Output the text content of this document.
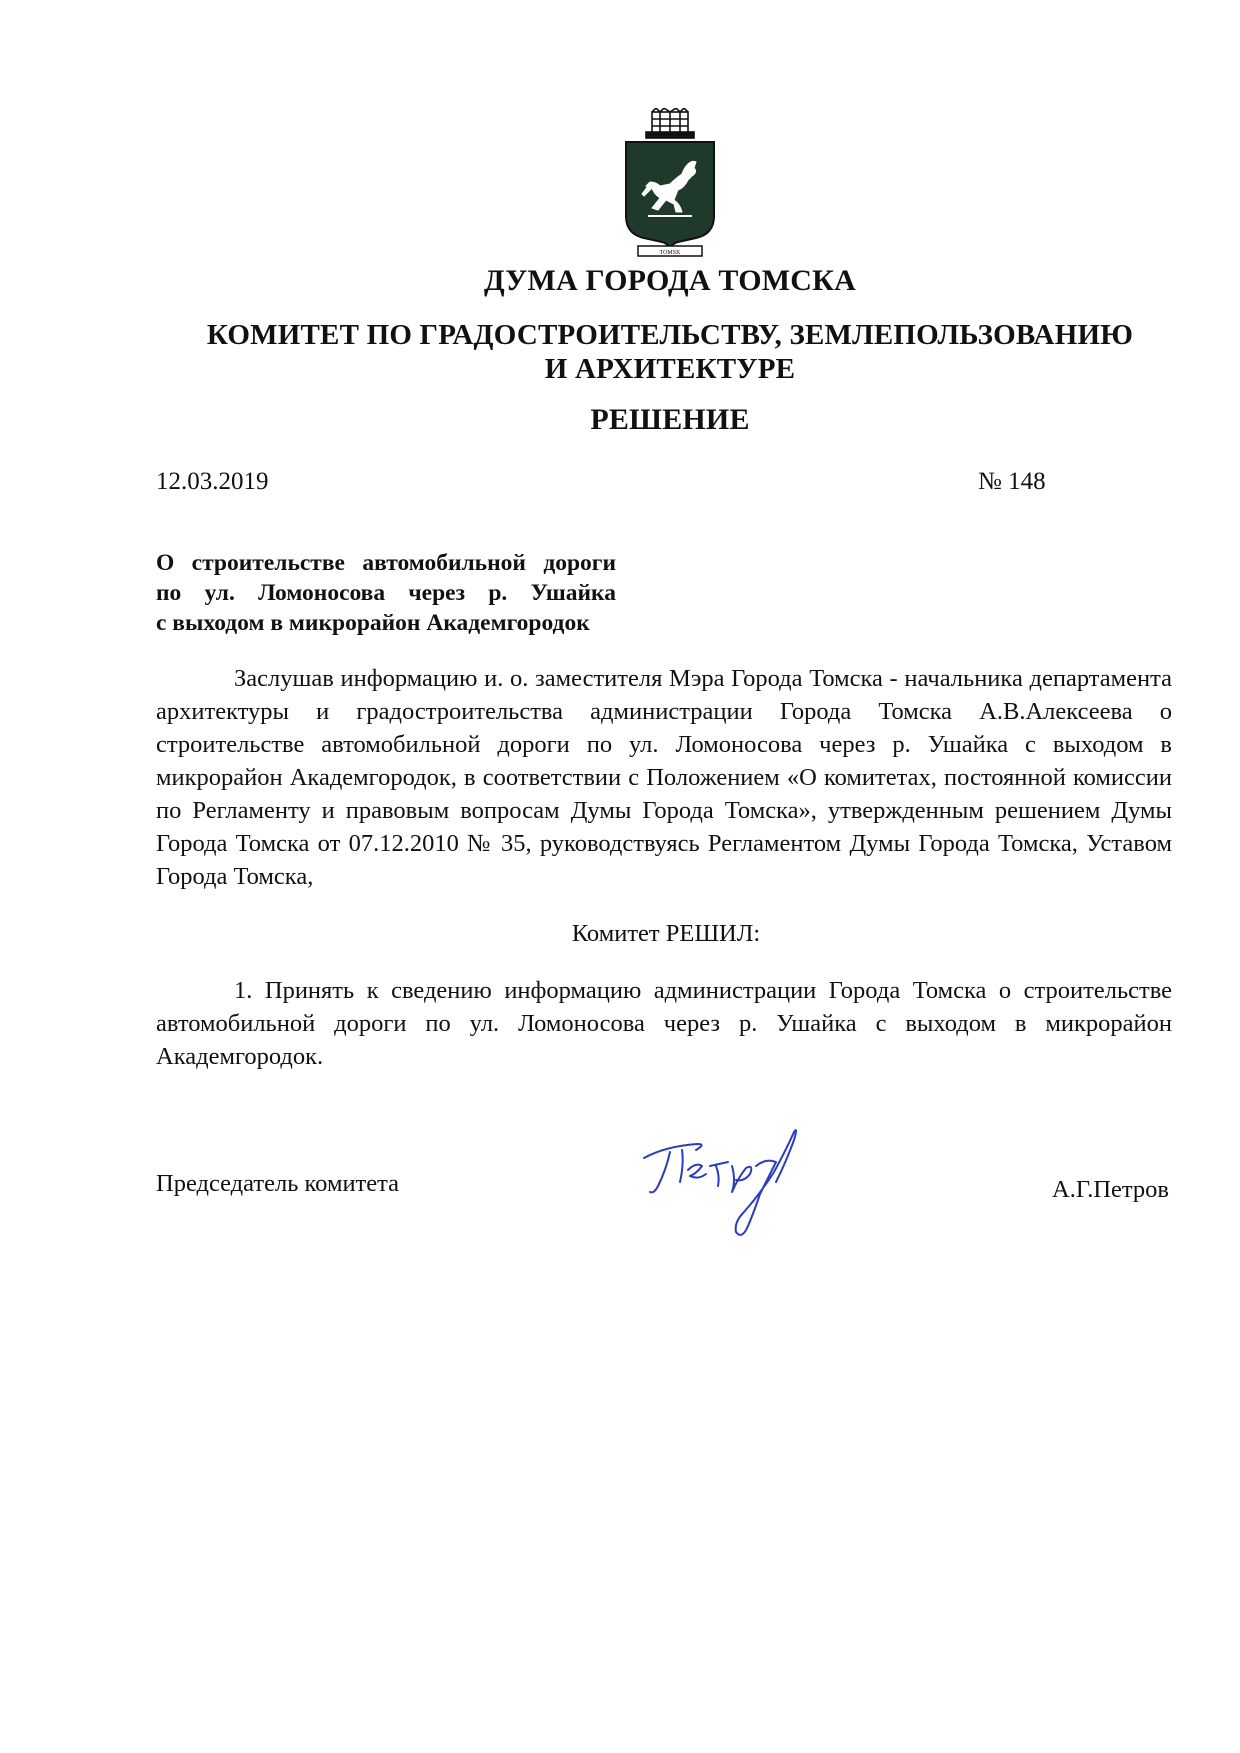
TOMSK
ДУМА ГОРОДА ТОМСКА
КОМИТЕТ ПО ГРАДОСТРОИТЕЛЬСТВУ, ЗЕМЛЕПОЛЬЗОВАНИЮ
И АРХИТЕКТУРЕ
РЕШЕНИЕ
12.03.2019	№ 148
О строительстве автомобильной дороги
по ул. Ломоносова через р. Ушайка
с выходом в микрорайон Академгородок
Заслушав информацию и. о. заместителя Мэра Города Томска - начальника департамента архитектуры и градостроительства администрации Города Томска А.В.Алексеева о строительстве автомобильной дороги по ул. Ломоносова через р. Ушайка с выходом в микрорайон Академгородок, в соответствии с Положением «О комитетах, постоянной комиссии по Регламенту и правовым вопросам Думы Города Томска», утвержденным решением Думы Города Томска от 07.12.2010 № 35, руководствуясь Регламентом Думы Города Томска, Уставом Города Томска,
Комитет РЕШИЛ:
1. Принять к сведению информацию администрации Города Томска о строительстве автомобильной дороги по ул. Ломоносова через р. Ушайка с выходом в микрорайон Академгородок.
Председатель комитета	А.Г.Петров
